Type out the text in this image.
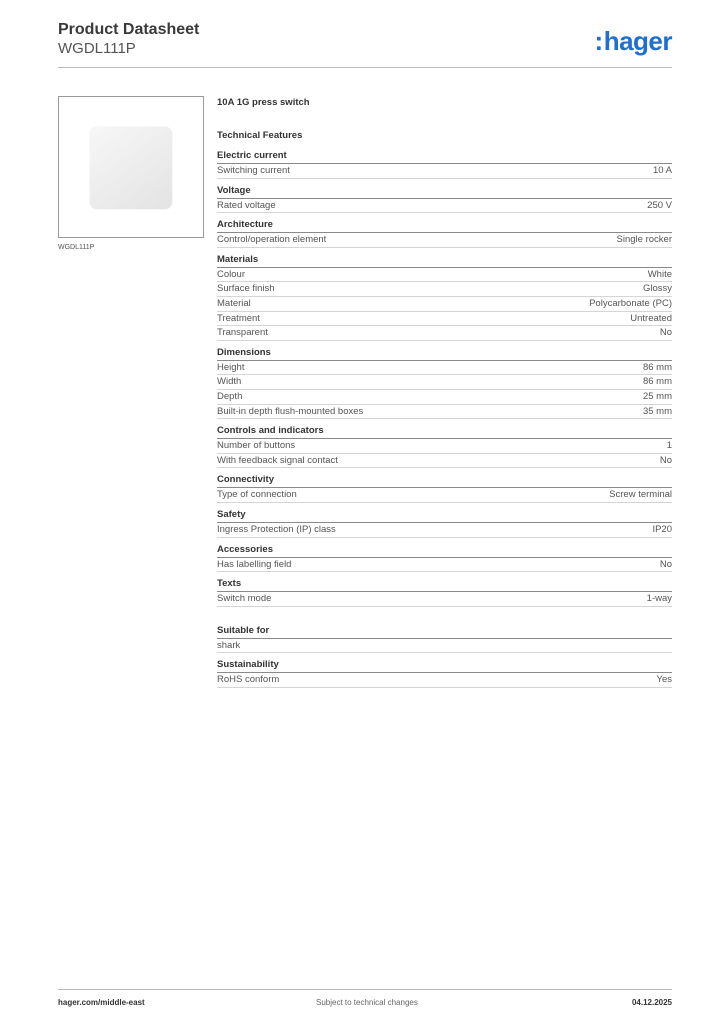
Product Datasheet
WGDL111P	:hager
WGDL111P
10A 1G press switch
Technical Features
Electric current
Switching current	10 A
Voltage
Rated voltage	250 V
Architecture
Control/operation element	Single rocker
Materials
Colour	White
Surface finish	Glossy
Material	Polycarbonate (PC)
Treatment	Untreated
Transparent	No
Dimensions
Height	86 mm
Width	86 mm
Depth	25 mm
Built-in depth flush-mounted boxes	35 mm
Controls and indicators
Number of buttons	1
With feedback signal contact	No
Connectivity
Type of connection	Screw terminal
Safety
Ingress Protection (IP) class	IP20
Accessories
Has labelling field	No
Texts
Switch mode	1-way
Suitable for
shark
Sustainability
RoHS conform	Yes
hager.com/middle-east	Subject to technical changes	04.12.2025
